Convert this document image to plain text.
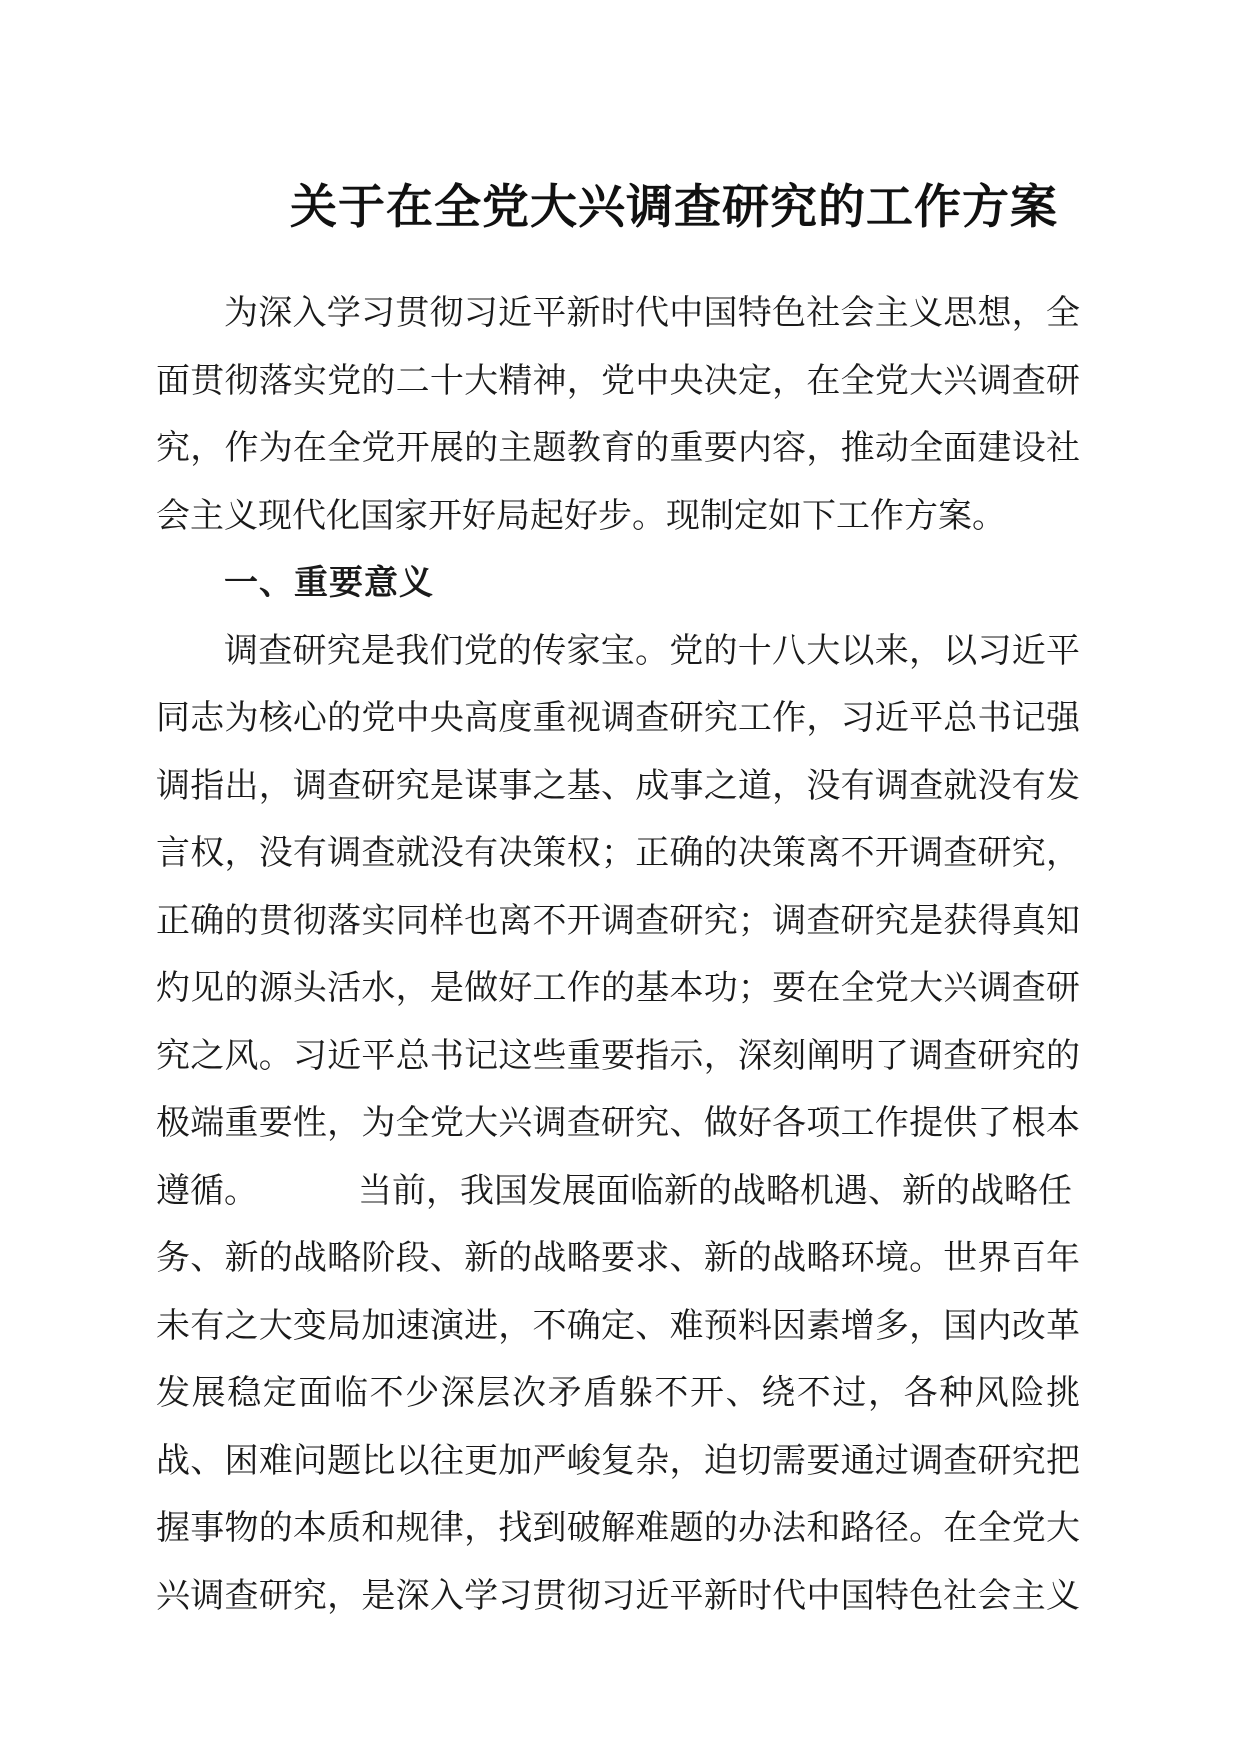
关于在全党大兴调查研究的工作方案
为深入学习贯彻习近平新时代中国特色社会主义思想，全
面贯彻落实党的二十大精神，党中央决定，在全党大兴调查研
究，作为在全党开展的主题教育的重要内容，推动全面建设社
会主义现代化国家开好局起好步。现制定如下工作方案。
一、重要意义
调查研究是我们党的传家宝。党的十八大以来，以习近平
同志为核心的党中央高度重视调查研究工作，习近平总书记强
调指出，调查研究是谋事之基、成事之道，没有调查就没有发
言权，没有调查就没有决策权；正确的决策离不开调查研究，
正确的贯彻落实同样也离不开调查研究；调查研究是获得真知
灼见的源头活水，是做好工作的基本功；要在全党大兴调查研
究之风。习近平总书记这些重要指示，深刻阐明了调查研究的
极端重要性，为全党大兴调查研究、做好各项工作提供了根本
遵循。	当前，我国发展面临新的战略机遇、新的战略任
务、新的战略阶段、新的战略要求、新的战略环境。世界百年
未有之大变局加速演进，不确定、难预料因素增多，国内改革
发展稳定面临不少深层次矛盾躲不开、绕不过，各种风险挑
战、困难问题比以往更加严峻复杂，迫切需要通过调查研究把
握事物的本质和规律，找到破解难题的办法和路径。在全党大
兴调查研究，是深入学习贯彻习近平新时代中国特色社会主义
